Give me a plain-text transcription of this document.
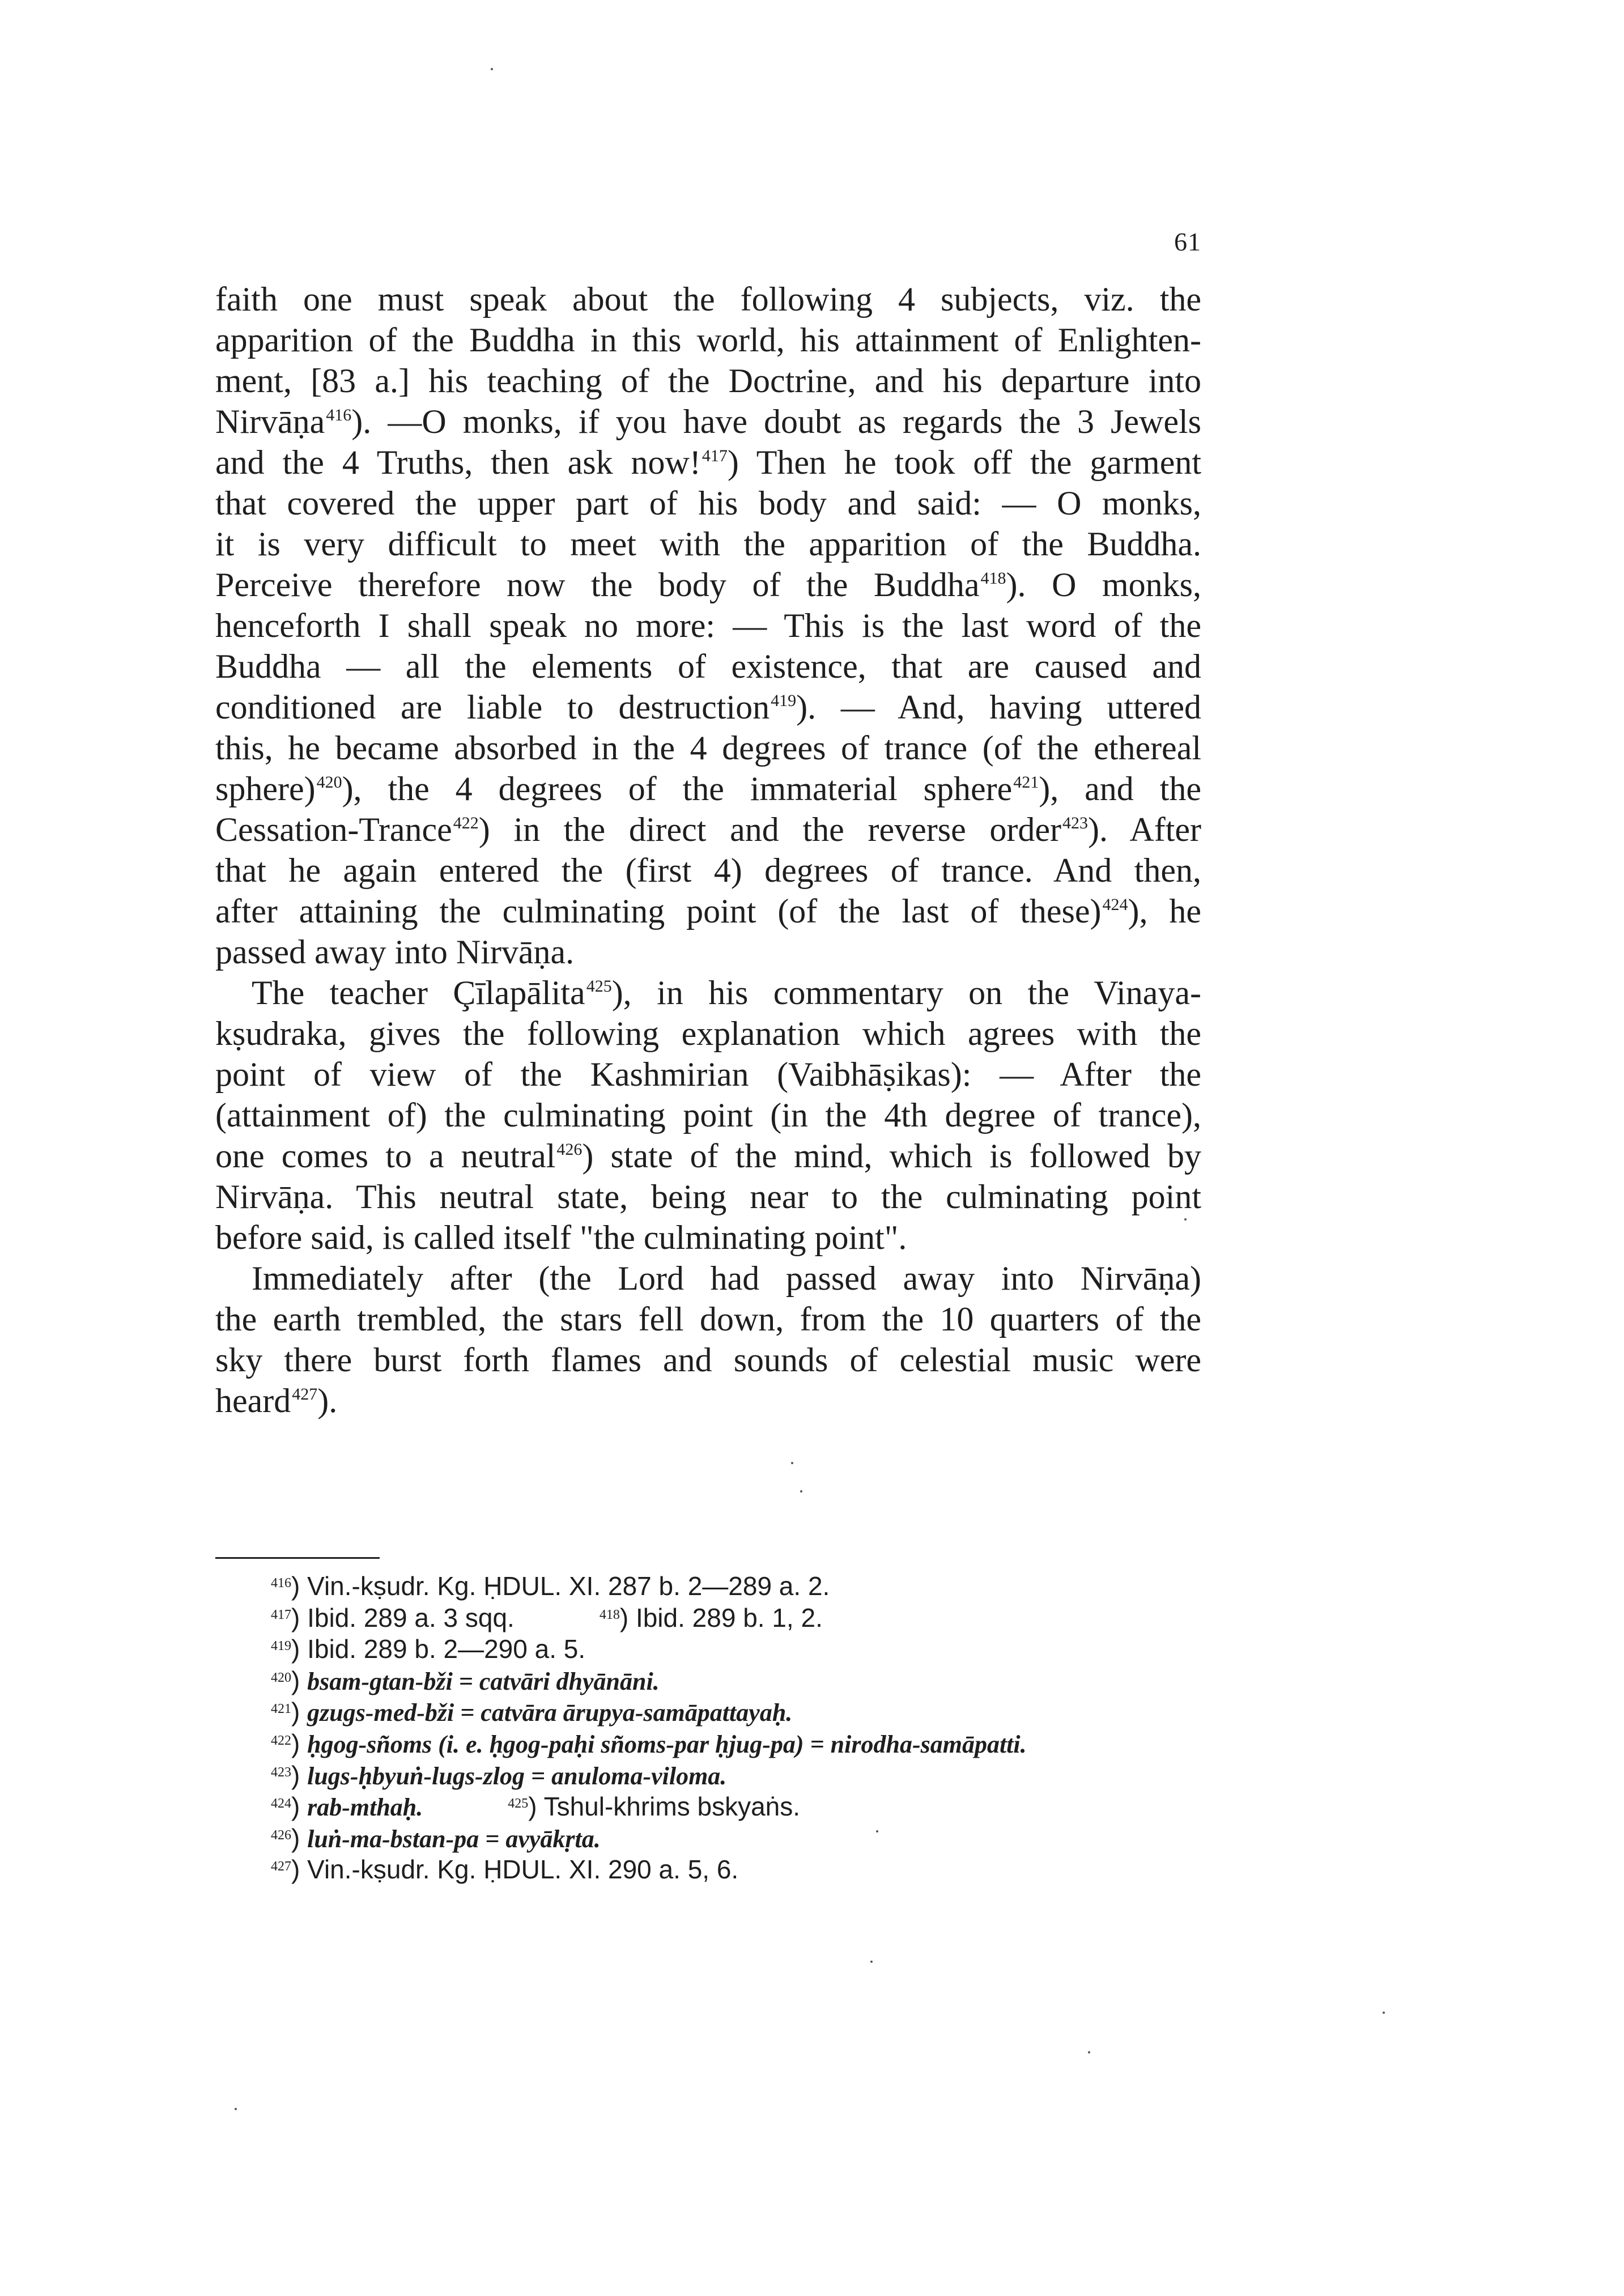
61
faith one must speak about the following 4 subjects, viz. the
apparition of the Buddha in this world, his attainment of Enlighten-
ment, [83 a.] his teaching of the Doctrine, and his departure into
Nirvāṇa$^{416}$). —O monks, if you have doubt as regards the 3 Jewels
and the 4 Truths, then ask now!$^{417}$) Then he took off the garment
that covered the upper part of his body and said: — O monks,
it is very difficult to meet with the apparition of the Buddha.
Perceive therefore now the body of the Buddha$^{418}$). O monks,
henceforth I shall speak no more: — This is the last word of the
Buddha — all the elements of existence, that are caused and
conditioned are liable to destruction$^{419}$). — And, having uttered
this, he became absorbed in the 4 degrees of trance (of the ethereal
sphere)$^{420}$), the 4 degrees of the immaterial sphere$^{421}$), and the
Cessation-Trance$^{422}$) in the direct and the reverse order$^{423}$). After
that he again entered the (first 4) degrees of trance. And then,
after attaining the culminating point (of the last of these)$^{424}$), he
passed away into Nirvāṇa.
The teacher Çīlapālita$^{425}$), in his commentary on the Vinaya-
kṣudraka, gives the following explanation which agrees with the
point of view of the Kashmirian (Vaibhāṣikas): — After the
(attainment of) the culminating point (in the 4th degree of trance),
one comes to a neutral$^{426}$) state of the mind, which is followed by
Nirvāṇa. This neutral state, being near to the culminating point
before said, is called itself "the culminating point".
Immediately after (the Lord had passed away into Nirvāṇa)
the earth trembled, the stars fell down, from the 10 quarters of the
sky there burst forth flames and sounds of celestial music were
heard$^{427}$).
$^{416}$) Vin.-kṣudr. Kg. ḤDUL. XI. 287 b. 2—289 a. 2.
$^{417}$) Ibid. 289 a. 3 sqq.	$^{418}$) Ibid. 289 b. 1, 2.
$^{419}$) Ibid. 289 b. 2—290 a. 5.
$^{420}$) bsam-gtan-bži = catvāri dhyānāni.
$^{421}$) gzugs-med-bži = catvāra ārupya-samāpattayaḥ.
$^{422}$) ḥgog-sñoms (i. e. ḥgog-paḥi sñoms-par ḥjug-pa) = nirodha-samāpatti.
$^{423}$) lugs-ḥbyuṅ-lugs-zlog = anuloma-viloma.
$^{424}$) rab-mthaḥ.	$^{425}$) Tshul-khrims bskyaṅs.
$^{426}$) luṅ-ma-bstan-pa = avyākṛta.
$^{427}$) Vin.-kṣudr. Kg. ḤDUL. XI. 290 a. 5, 6.
